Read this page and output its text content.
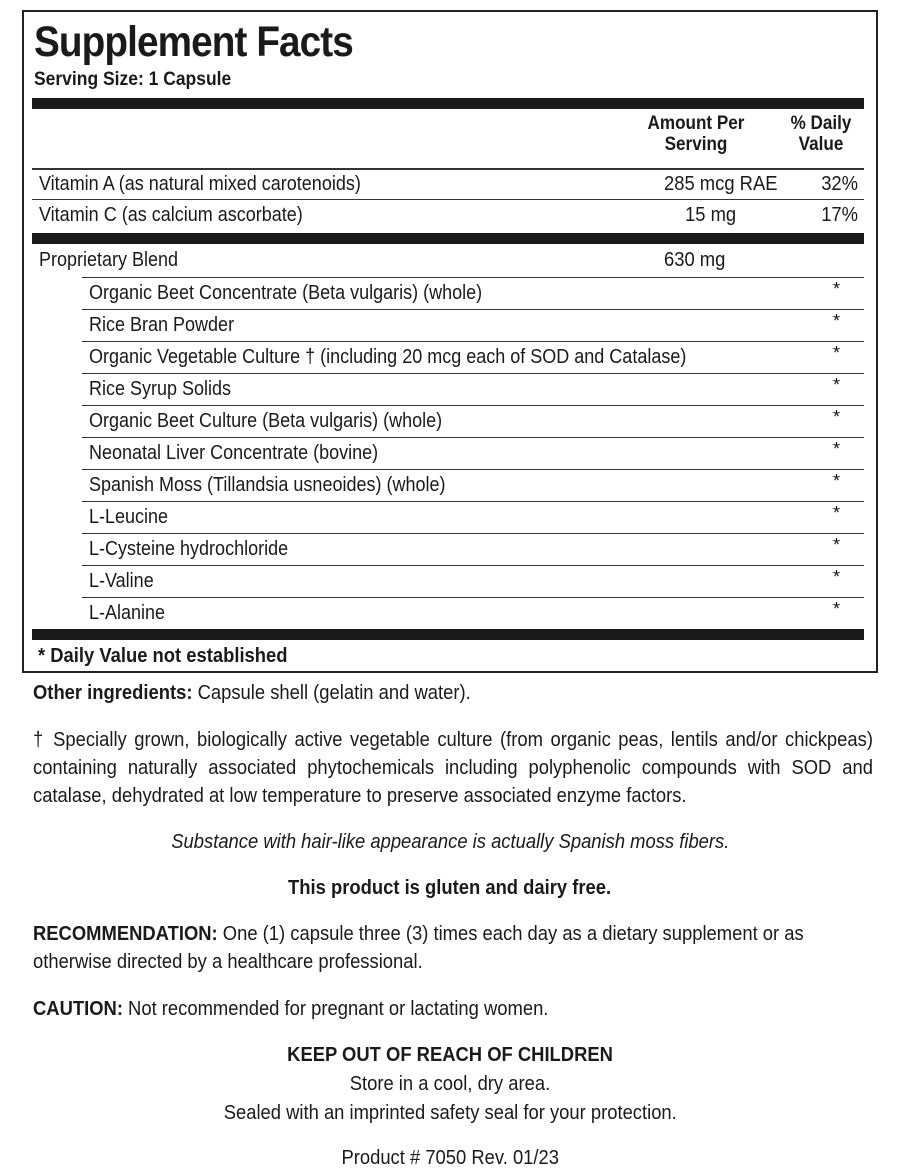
Supplement Facts
Serving Size: 1 Capsule
Amount Per Serving
% Daily Value
Vitamin A (as natural mixed carotenoids)	285 mcg RAE 32%
Vitamin C (as calcium ascorbate)	15 mg	17%
Proprietary Blend	630 mg
Organic Beet Concentrate (Beta vulgaris) (whole)	*
Rice Bran Powder	*
Organic Vegetable Culture † (including 20 mcg each of SOD and Catalase)	*
Rice Syrup Solids	*
Organic Beet Culture (Beta vulgaris) (whole)	*
Neonatal Liver Concentrate (bovine)	*
Spanish Moss (Tillandsia usneoides) (whole)	*
L-Leucine	*
L-Cysteine hydrochloride	*
L-Valine	*
L-Alanine	*
* Daily Value not established
Other ingredients: Capsule shell (gelatin and water).
† Specially grown, biologically active vegetable culture (from organic peas, lentils and/or chickpeas) containing naturally associated phytochemicals including polyphenolic compounds with SOD and catalase, dehydrated at low temperature to preserve associated enzyme factors.
Substance with hair-like appearance is actually Spanish moss fibers.
This product is gluten and dairy free.
RECOMMENDATION: One (1) capsule three (3) times each day as a dietary supplement or as otherwise directed by a healthcare professional.
CAUTION: Not recommended for pregnant or lactating women.
KEEP OUT OF REACH OF CHILDREN
Store in a cool, dry area.
Sealed with an imprinted safety seal for your protection.
Product # 7050 Rev. 01/23
